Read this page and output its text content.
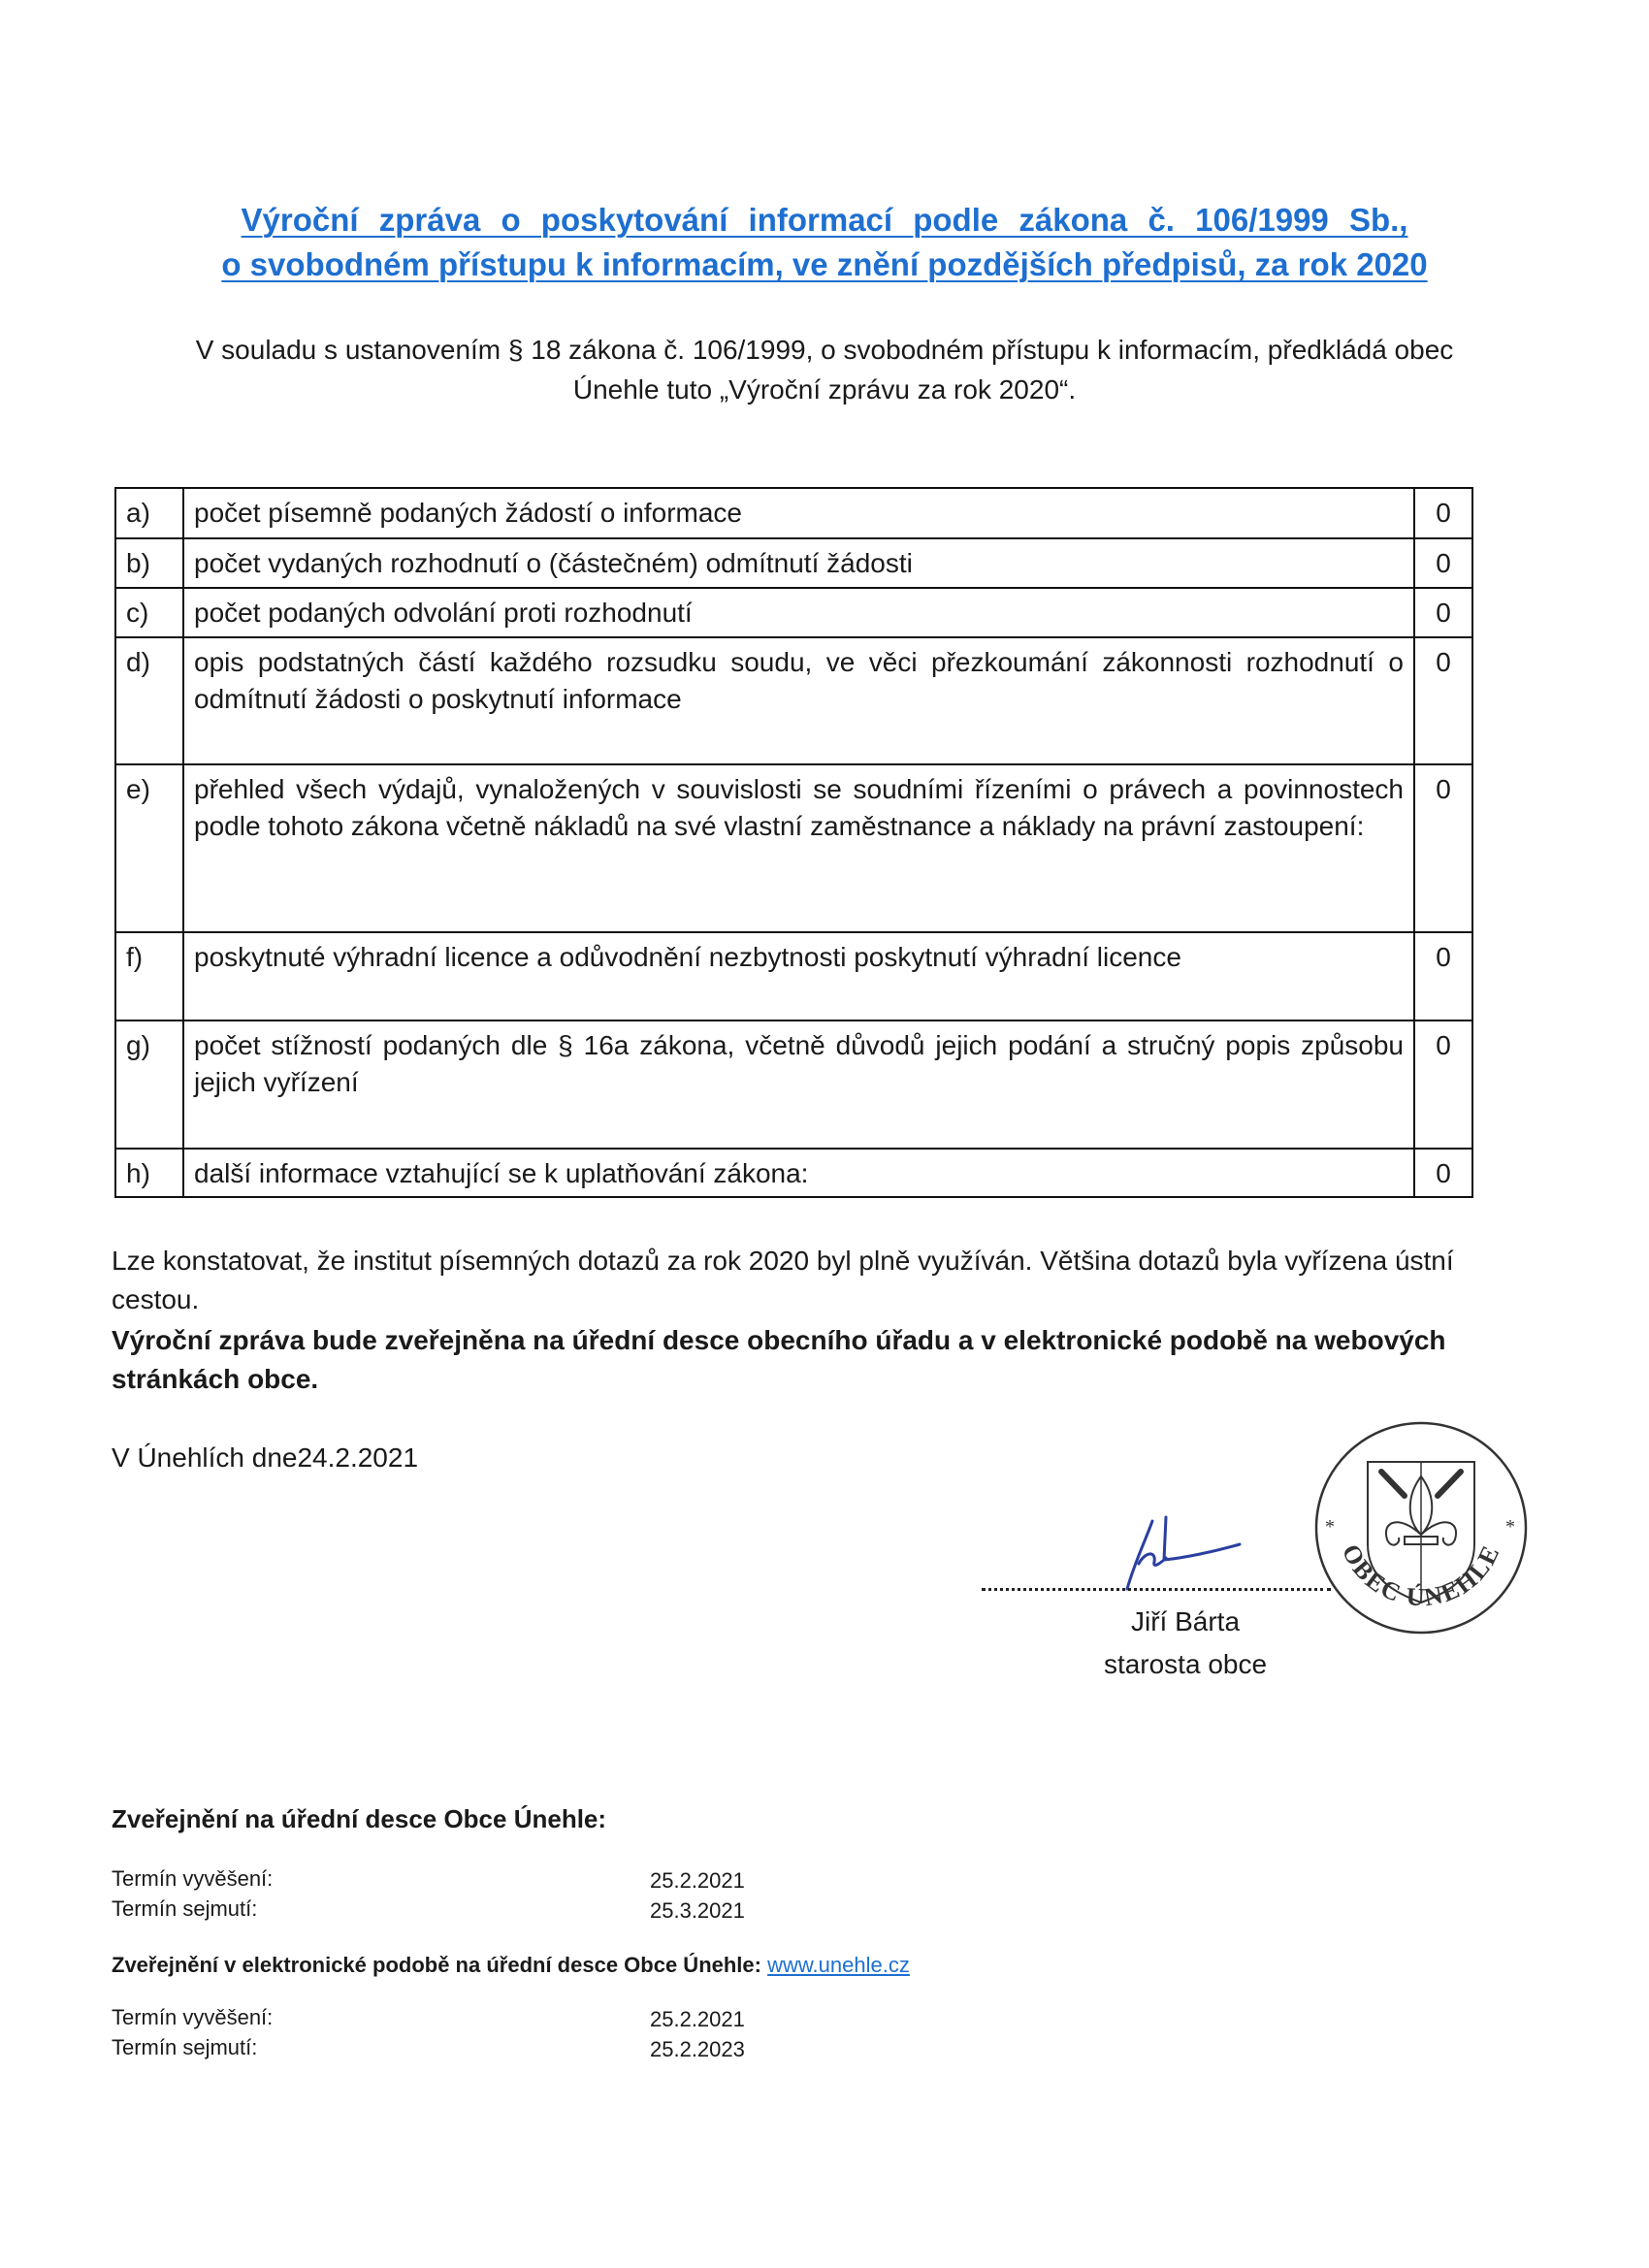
Výroční zpráva o poskytování informací podle zákona č. 106/1999 Sb.,
o svobodném přístupu k informacím, ve znění pozdějších předpisů, za rok 2020
V souladu s ustanovením § 18 zákona č. 106/1999, o svobodném přístupu k informacím, předkládá obec
Únehle tuto „Výroční zprávu za rok 2020“.
a)	počet písemně podaných žádostí o informace	0
b)	počet vydaných rozhodnutí o (částečném) odmítnutí žádosti	0
c)	počet podaných odvolání proti rozhodnutí	0
d)	opis podstatných částí každého rozsudku soudu, ve věci přezkoumání zákonnosti rozhodnutí o odmítnutí žádosti o poskytnutí informace	0
e)	přehled všech výdajů, vynaložených v souvislosti se soudními řízeními o právech a povinnostech podle tohoto zákona včetně nákladů na své vlastní zaměstnance a náklady na právní zastoupení:	0
f)	poskytnuté výhradní licence a odůvodnění nezbytnosti poskytnutí výhradní licence	0
g)	počet stížností podaných dle § 16a zákona, včetně důvodů jejich podání a stručný popis způsobu jejich vyřízení	0
h)	další informace vztahující se k uplatňování zákona:	0
Lze konstatovat, že institut písemných dotazů za rok 2020 byl plně využíván. Většina dotazů byla vyřízena ústní cestou.
Výroční zpráva bude zveřejněna na úřední desce obecního úřadu a v elektronické podobě na webových stránkách obce.
V Únehlích dne24.2.2021
Jiří Bárta
starosta obce
*	*
OBEC ÚNEHLE
Zveřejnění na úřední desce Obce Únehle:
Termín vyvěšení:	25.2.2021
Termín sejmutí:	25.3.2021
Zveřejnění v elektronické podobě na úřední desce Obce Únehle: www.unehle.cz
Termín vyvěšení:	25.2.2021
Termín sejmutí:	25.2.2023
